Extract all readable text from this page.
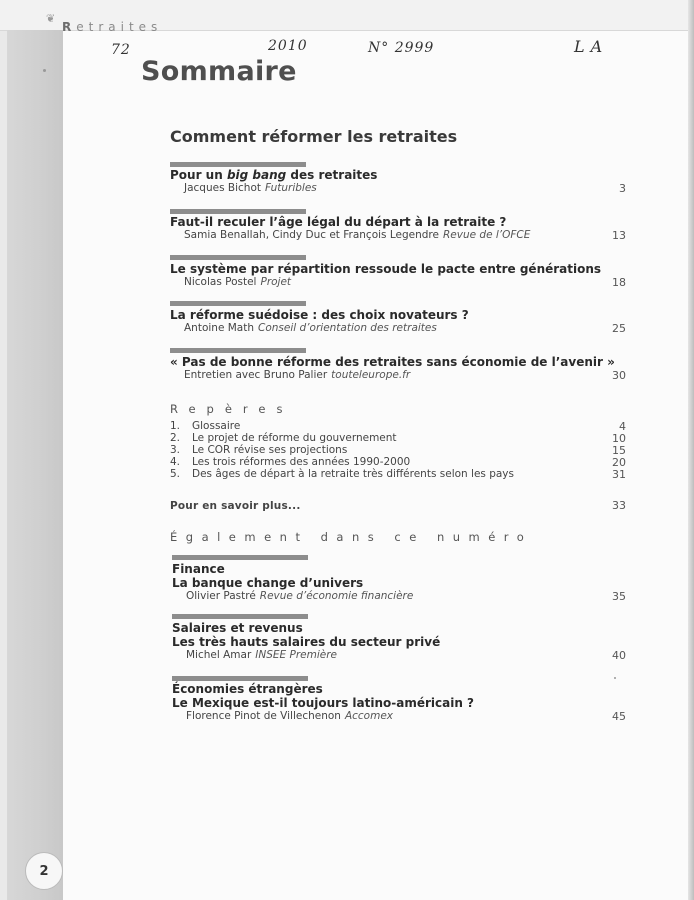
❦
Retraites
72	2010	N° 2999	LA
Sommaire
Comment réformer les retraites
Pour un big bang des retraites
Jacques Bichot Futuribles	3
Faut-il reculer l’âge légal du départ à la retraite ?
Samia Benallah, Cindy Duc et François Legendre Revue de l’OFCE	13
Le système par répartition ressoude le pacte entre générations
Nicolas Postel Projet	18
La réforme suédoise : des choix novateurs ?
Antoine Math Conseil d’orientation des retraites	25
« Pas de bonne réforme des retraites sans économie de l’avenir »
Entretien avec Bruno Palier touteleurope.fr	30
Repères
1. Glossaire	4
2. Le projet de réforme du gouvernement	10
3. Le COR révise ses projections	15
4. Les trois réformes des années 1990-2000	20
5. Des âges de départ à la retraite très différents selon les pays	31
Pour en savoir plus...	33
Également dans ce numéro
Finance
La banque change d’univers
Olivier Pastré Revue d’économie financière	35
Salaires et revenus
Les très hauts salaires du secteur privé
Michel Amar INSEE Première	40
Économies étrangères
Le Mexique est-il toujours latino-américain ?
Florence Pinot de Villechenon Accomex	45
2
